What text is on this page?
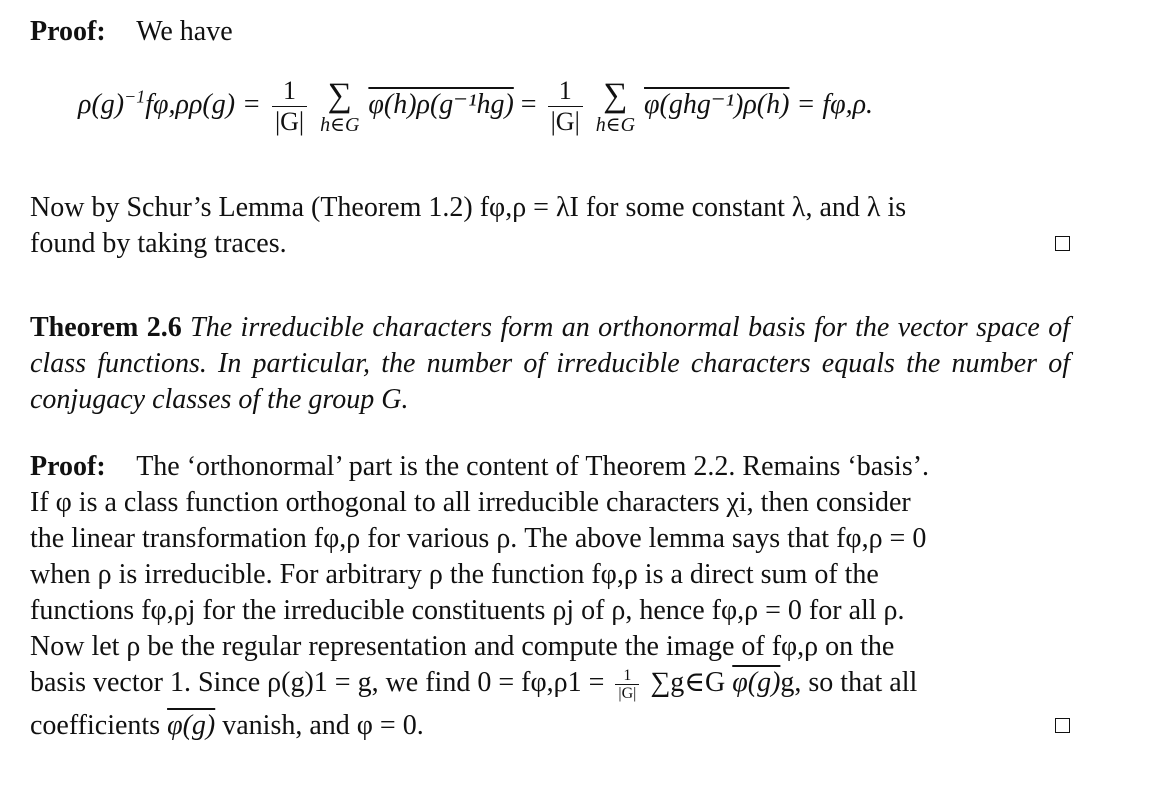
Proof: We have
$\rho(g)^{-1}f\varphi,\rho\rho(g) = \frac{1}{|G|}$
∑
h∈G
$\varphi(h)\rho(g^{-1}hg) = \frac{1}{|G|}$
∑
h∈G
φ(ghg⁻¹)ρ(h) = fφ,ρ.
Now by Schur’s Lemma (Theorem 1.2) fφ,ρ = λI for some constant λ, and λ is
found by taking traces.
Theorem 2.6 The irreducible characters form an orthonormal basis for the vector space of class functions. In particular, the number of irreducible characters equals the number of conjugacy classes of the group G.
Proof: The ‘orthonormal’ part is the content of Theorem 2.2. Remains ‘basis’.
If φ is a class function orthogonal to all irreducible characters χi, then consider
the linear transformation fφ,ρ for various ρ. The above lemma says that fφ,ρ = 0
when ρ is irreducible. For arbitrary ρ the function fφ,ρ is a direct sum of the
functions fφ,ρj for the irreducible constituents ρj of ρ, hence fφ,ρ = 0 for all ρ.
Now let ρ be the regular representation and compute the image of fφ,ρ on the
basis vector 1. Since ρ(g)1 = g, we find $0 = f\varphi,\rho 1 = \frac{1}{|G|}$ ∑g∈G φ(g)g, so that all
coefficients φ(g) vanish, and φ = 0.
